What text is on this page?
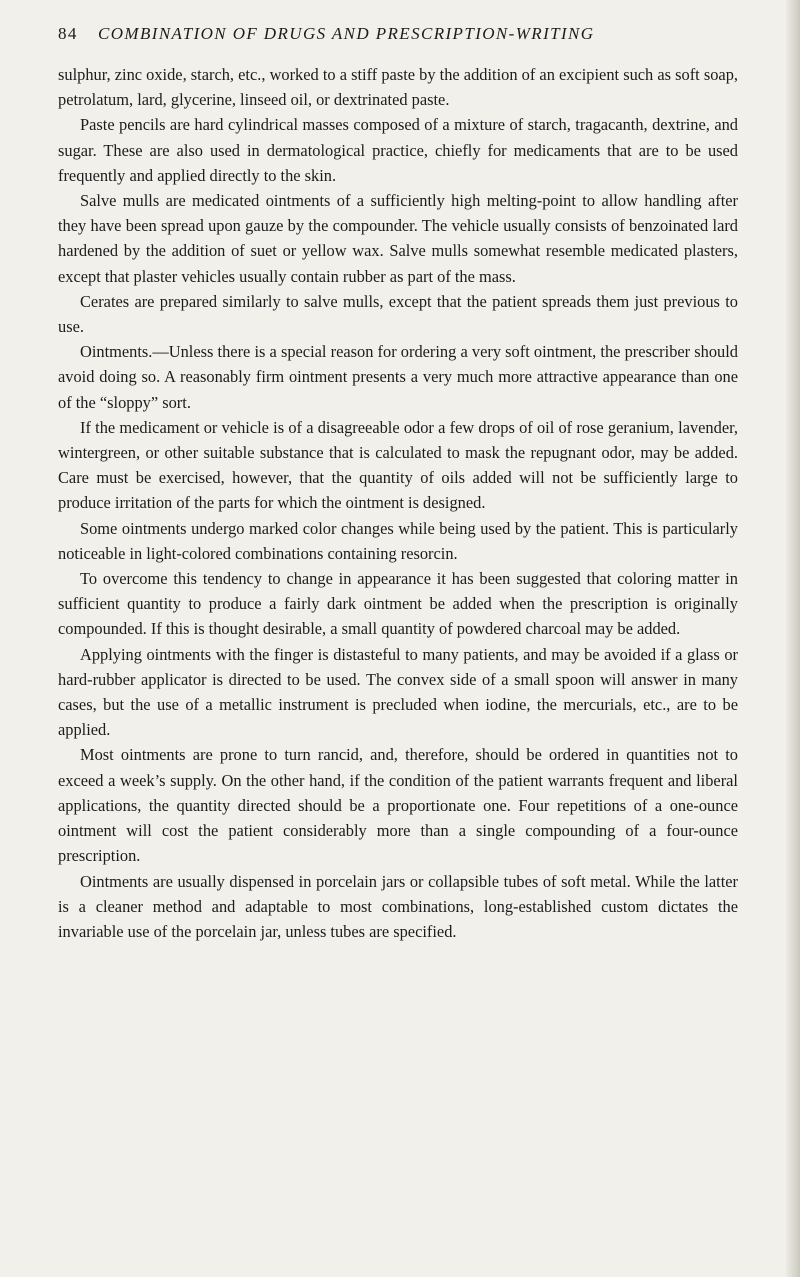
84 COMBINATION OF DRUGS AND PRESCRIPTION-WRITING

sulphur, zinc oxide, starch, etc., worked to a stiff paste by the addition of an excipient such as soft soap, petrolatum, lard, glycerine, linseed oil, or dextrinated paste.

Paste pencils are hard cylindrical masses composed of a mixture of starch, tragacanth, dextrine, and sugar. These are also used in dermatological practice, chiefly for medicaments that are to be used frequently and applied directly to the skin.

Salve mulls are medicated ointments of a sufficiently high melting-point to allow handling after they have been spread upon gauze by the compounder. The vehicle usually consists of benzoinated lard hardened by the addition of suet or yellow wax. Salve mulls somewhat resemble medicated plasters, except that plaster vehicles usually contain rubber as part of the mass.

Cerates are prepared similarly to salve mulls, except that the patient spreads them just previous to use.

Ointments.—Unless there is a special reason for ordering a very soft ointment, the prescriber should avoid doing so. A reasonably firm ointment presents a very much more attractive appearance than one of the “sloppy” sort.

If the medicament or vehicle is of a disagreeable odor a few drops of oil of rose geranium, lavender, wintergreen, or other suitable substance that is calculated to mask the repugnant odor, may be added. Care must be exercised, however, that the quantity of oils added will not be sufficiently large to produce irritation of the parts for which the ointment is designed.

Some ointments undergo marked color changes while being used by the patient. This is particularly noticeable in light-colored combinations containing resorcin.

To overcome this tendency to change in appearance it has been suggested that coloring matter in sufficient quantity to produce a fairly dark ointment be added when the prescription is originally compounded. If this is thought desirable, a small quantity of powdered charcoal may be added.

Applying ointments with the finger is distasteful to many patients, and may be avoided if a glass or hard-rubber applicator is directed to be used. The convex side of a small spoon will answer in many cases, but the use of a metallic instrument is precluded when iodine, the mercurials, etc., are to be applied.

Most ointments are prone to turn rancid, and, therefore, should be ordered in quantities not to exceed a week’s supply. On the other hand, if the condition of the patient warrants frequent and liberal applications, the quantity directed should be a proportionate one. Four repetitions of a one-ounce ointment will cost the patient considerably more than a single compounding of a four-ounce prescription.

Ointments are usually dispensed in porcelain jars or collapsible tubes of soft metal. While the latter is a cleaner method and adaptable to most combinations, long-established custom dictates the invariable use of the porcelain jar, unless tubes are specified.
